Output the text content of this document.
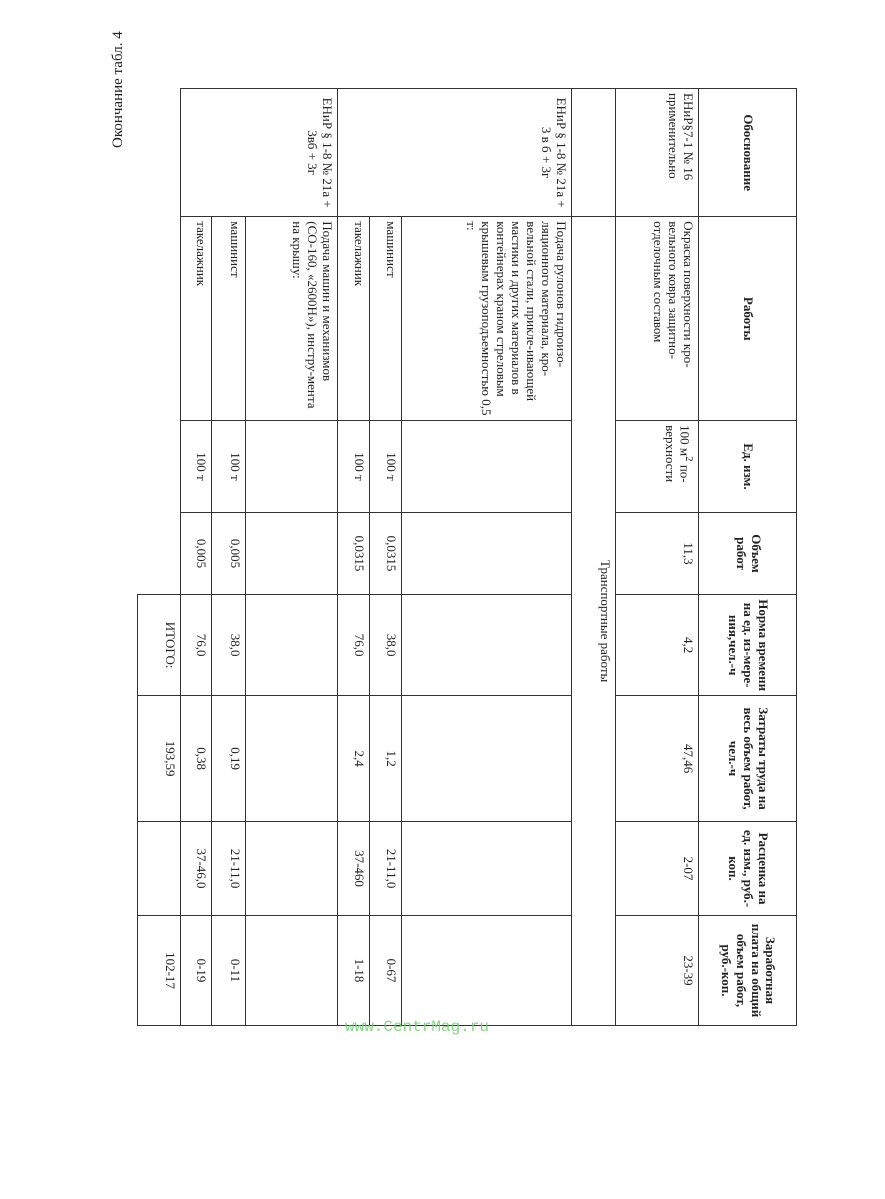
Окончание табл. 4
Обоснование	Работы	Ед. изм.	Объем работ	Норма времени на ед. из-мере-ния,чел.-ч	Затраты труда на весь объем работ, чел.-ч	Расценка на ед. изм., руб.-коп.	Заработная плата на общий объем работ, руб.-коп.
ЕНиР§7-1 № 16 применительно	Окраска поверхности кро-вельного ковра защитно-отделочным составом	100 $м^2$ по-верхности	11,3	4,2	47,46	2-07	23-39
	Транспортные работы						
ЕНиР § 1-8 № 21а + 3 в б + 3г	Подача рулонов гидроизо-ляционного материала, кро-вельной стали, прикле-ивающей мастики и других материалов в контейнерах краном стреловым крышевым грузоподъемностью 0,5 т:						
	машинист	100 т	0,0315	38,0	1,2	21-11,0	0-67
	такелажник	100 т	0,0315	76,0	2,4	37-460	1-18
ЕНиР § 1-8 № 21а + 3вб + 3г	Подача машин и механизмов (СО-160, «2600Н»), инстру-мента на крышу:						
	машинист	100 т	0,005	38,0	0,19	21-11,0	0-11
	такелажник	100 т	0,005	76,0	0,38	37-46,0	0-19
				ИТОГО:	193,59		102-17
www.CentrMag.ru
